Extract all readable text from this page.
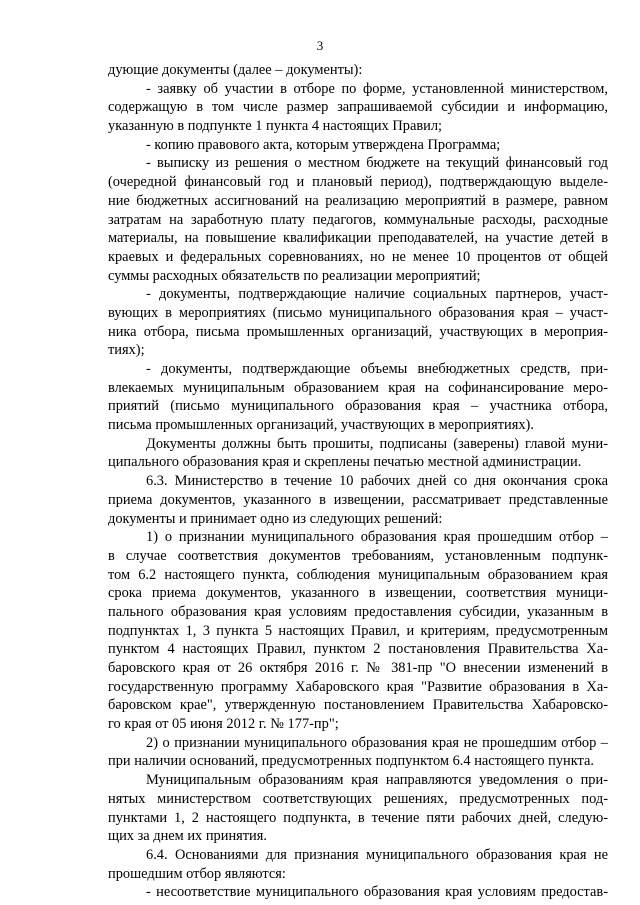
3
дующие документы (далее – документы):
- заявку об участии в отборе по форме, установленной министерством,
содержащую в том числе размер запрашиваемой субсидии и информацию,
указанную в подпункте 1 пункта 4 настоящих Правил;
- копию правового акта, которым утверждена Программа;
- выписку из решения о местном бюджете на текущий финансовый год
(очередной финансовый год и плановый период), подтверждающую выделе-
ние бюджетных ассигнований на реализацию мероприятий в размере, равном
затратам на заработную плату педагогов, коммунальные расходы, расходные
материалы, на повышение квалификации преподавателей, на участие детей в
краевых и федеральных соревнованиях, но не менее 10 процентов от общей
суммы расходных обязательств по реализации мероприятий;
- документы, подтверждающие наличие социальных партнеров, участ-
вующих в мероприятиях (письмо муниципального образования края – участ-
ника отбора, письма промышленных организаций, участвующих в мероприя-
тиях);
- документы, подтверждающие объемы внебюджетных средств, при-
влекаемых муниципальным образованием края на софинансирование меро-
приятий (письмо муниципального образования края – участника отбора,
письма промышленных организаций, участвующих в мероприятиях).
Документы должны быть прошиты, подписаны (заверены) главой муни-
ципального образования края и скреплены печатью местной администрации.
6.3. Министерство в течение 10 рабочих дней со дня окончания срока
приема документов, указанного в извещении, рассматривает представленные
документы и принимает одно из следующих решений:
1) о признании муниципального образования края прошедшим отбор –
в случае соответствия документов требованиям, установленным подпунк-
том 6.2 настоящего пункта, соблюдения муниципальным образованием края
срока приема документов, указанного в извещении, соответствия муници-
пального образования края условиям предоставления субсидии, указанным в
подпунктах 1, 3 пункта 5 настоящих Правил, и критериям, предусмотренным
пунктом 4 настоящих Правил, пунктом 2 постановления Правительства Ха-
баровского края от 26 октября 2016 г. № 381-пр "О внесении изменений в
государственную программу Хабаровского края "Развитие образования в Ха-
баровском крае", утвержденную постановлением Правительства Хабаровско-
го края от 05 июня 2012 г. № 177-пр";
2) о признании муниципального образования края не прошедшим отбор –
при наличии оснований, предусмотренных подпунктом 6.4 настоящего пункта.
Муниципальным образованиям края направляются уведомления о при-
нятых министерством соответствующих решениях, предусмотренных под-
пунктами 1, 2 настоящего подпункта, в течение пяти рабочих дней, следую-
щих за днем их принятия.
6.4. Основаниями для признания муниципального образования края не
прошедшим отбор являются:
- несоответствие муниципального образования края условиям предостав-
